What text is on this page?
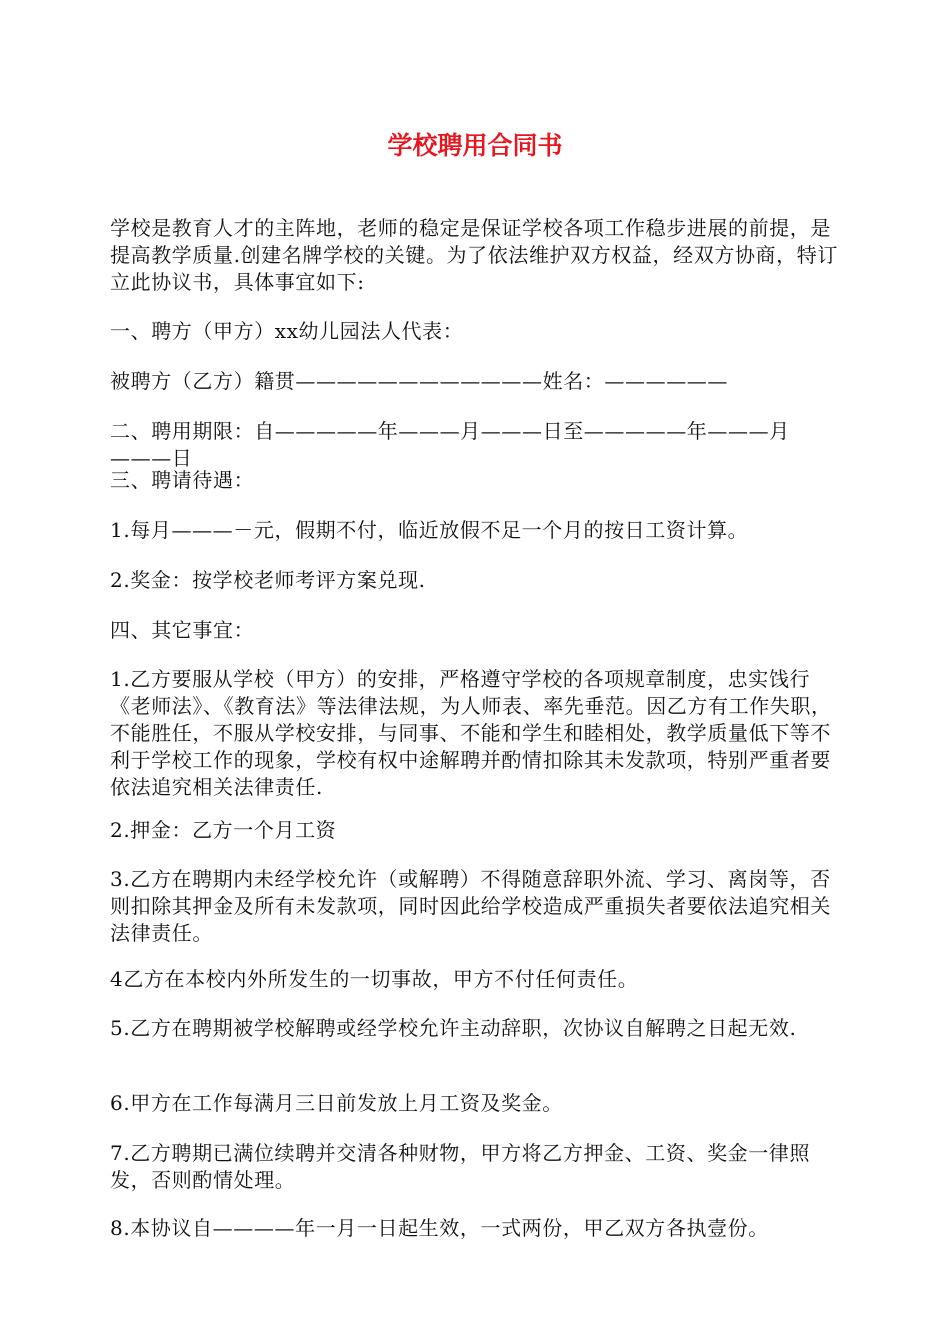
学校聘用合同书

学校是教育人才的主阵地，老师的稳定是保证学校各项工作稳步进展的前提，是提高教学质量.创建名牌学校的关键。为了依法维护双方权益，经双方协商，特订立此协议书，具体事宜如下:

一、聘方（甲方）xx幼儿园法人代表：

被聘方（乙方）籍贯————————————姓名：——————

二、聘用期限：自—————年———月———日至—————年———月———日

三、聘请待遇：

1.每月———－元，假期不付，临近放假不足一个月的按日工资计算。

2.奖金：按学校老师考评方案兑现.

四、其它事宜：

1.乙方要服从学校（甲方）的安排，严格遵守学校的各项规章制度，忠实饯行《老师法》、《教育法》等法律法规，为人师表、率先垂范。因乙方有工作失职，不能胜任，不服从学校安排，与同事、不能和学生和睦相处，教学质量低下等不利于学校工作的现象，学校有权中途解聘并酌情扣除其未发款项，特别严重者要依法追究相关法律责任.

2.押金：乙方一个月工资

3.乙方在聘期内未经学校允许（或解聘）不得随意辞职外流、学习、离岗等，否则扣除其押金及所有未发款项，同时因此给学校造成严重损失者要依法追究相关法律责任。

4乙方在本校内外所发生的一切事故，甲方不付任何责任。

5.乙方在聘期被学校解聘或经学校允许主动辞职，次协议自解聘之日起无效.

6.甲方在工作每满月三日前发放上月工资及奖金。

7.乙方聘期已满位续聘并交清各种财物，甲方将乙方押金、工资、奖金一律照发，否则酌情处理。

8.本协议自————年一月一日起生效，一式两份，甲乙双方各执壹份。
